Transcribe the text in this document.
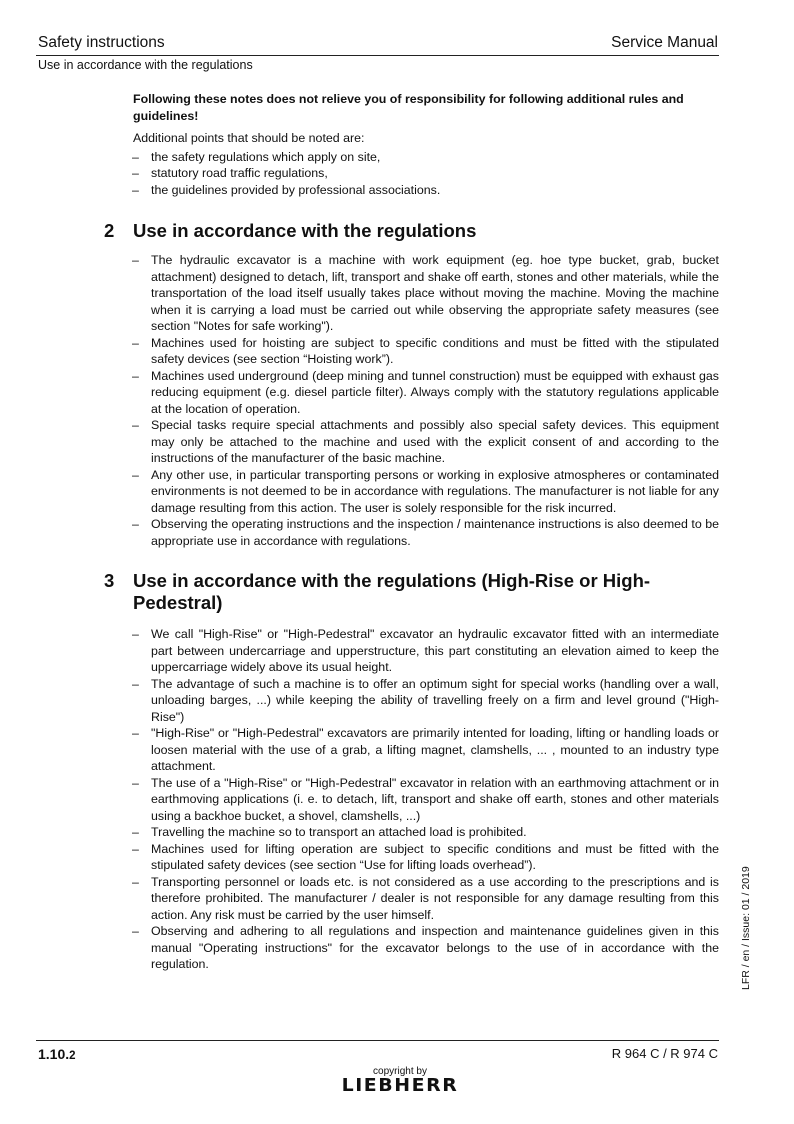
Safety instructions	Service Manual
Use in accordance with the regulations

Following these notes does not relieve you of responsibility for following additional rules and guidelines!

Additional points that should be noted are:

– the safety regulations which apply on site,
– statutory road traffic regulations,
– the guidelines provided by professional associations.
2 Use in accordance with the regulations
– The hydraulic excavator is a machine with work equipment (eg. hoe type bucket, grab, bucket attachment) designed to detach, lift, transport and shake off earth, stones and other materials, while the transportation of the load itself usually takes place without moving the machine. Moving the machine when it is carrying a load must be carried out while observing the appropriate safety measures (see section "Notes for safe working").
– Machines used for hoisting are subject to specific conditions and must be fitted with the stipulated safety devices (see section “Hoisting work”).
– Machines used underground (deep mining and tunnel construction) must be equipped with exhaust gas reducing equipment (e.g. diesel particle filter). Always comply with the statutory regulations applicable at the location of operation.
– Special tasks require special attachments and possibly also special safety devices. This equipment may only be attached to the machine and used with the explicit consent of and according to the instructions of the manufacturer of the basic machine.
– Any other use, in particular transporting persons or working in explosive atmospheres or contaminated environments is not deemed to be in accordance with regulations. The manufacturer is not liable for any damage resulting from this action. The user is solely responsible for the risk incurred.
– Observing the operating instructions and the inspection / maintenance instructions is also deemed to be appropriate use in accordance with regulations.
3 Use in accordance with the regulations (High-Rise or High-Pedestral)
– We call "High-Rise" or "High-Pedestral" excavator an hydraulic excavator fitted with an intermediate part between undercarriage and upperstructure, this part constituting an elevation aimed to keep the uppercarriage widely above its usual height.
– The advantage of such a machine is to offer an optimum sight for special works (handling over a wall, unloading barges, ...) while keeping the ability of travelling freely on a firm and level ground ("High-Rise")
– "High-Rise" or "High-Pedestral" excavators are primarily intented for loading, lifting or handling loads or loosen material with the use of a grab, a lifting magnet, clamshells, ... , mounted to an industry type attachment.
– The use of a "High-Rise" or "High-Pedestral" excavator in relation with an earthmoving attachment or in earthmoving applications (i. e. to detach, lift, transport and shake off earth, stones and other materials using a backhoe bucket, a shovel, clamshells, ...)
– Travelling the machine so to transport an attached load is prohibited.
– Machines used for lifting operation are subject to specific conditions and must be fitted with the stipulated safety devices (see section “Use for lifting loads overhead”).
– Transporting personnel or loads etc. is not considered as a use according to the prescriptions and is therefore prohibited. The manufacturer / dealer is not responsible for any damage resulting from this action. Any risk must be carried by the user himself.
– Observing and adhering to all regulations and inspection and maintenance guidelines given in this manual "Operating instructions" for the excavator belongs to the use of in accordance with the regulation.	LFR / en / Issue: 01 / 2019
1.10.2	R 964 C / R 974 C
copyright by
LIEBHERR
